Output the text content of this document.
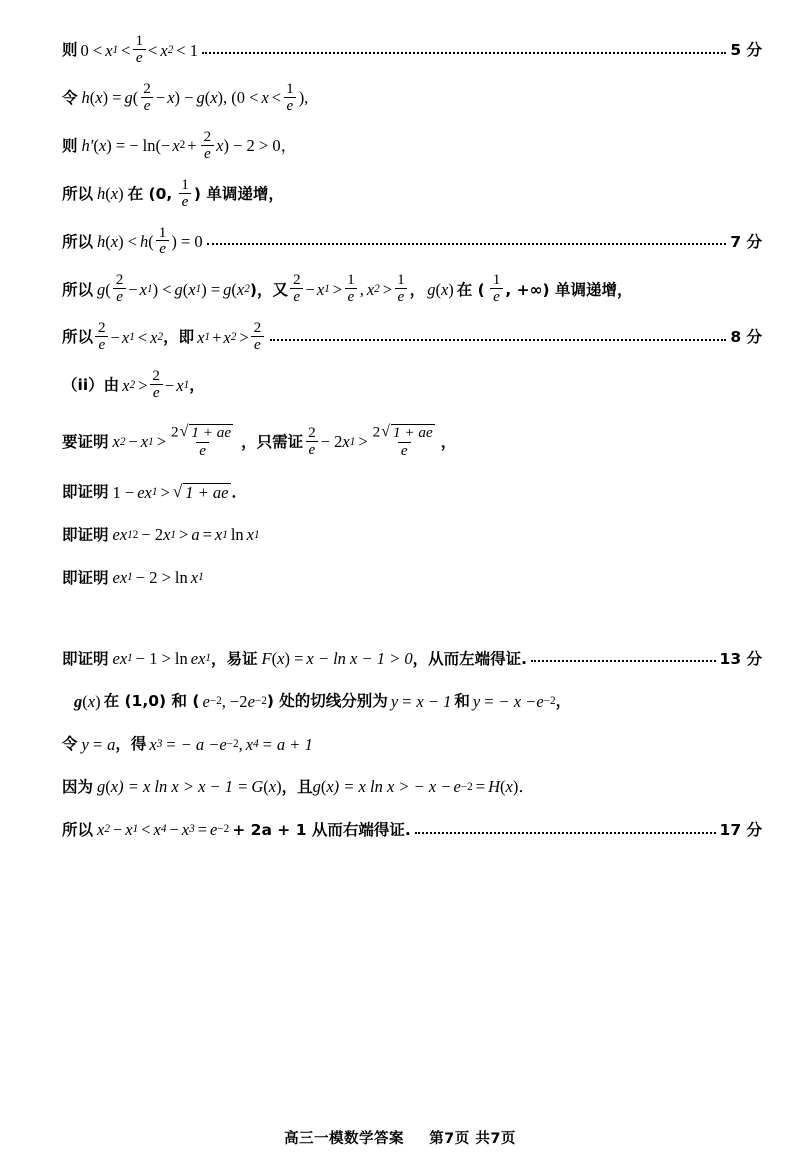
则 0 < x $1 < \frac{1}{e} < x$ 2 < 1	5 分
令 h ( x ) = g ( $\frac{2}{e} - x$ ) − g ( x ), ($0 < x < \frac{1}{e}$ ),
则 h′ ( x ) = − ln(− x $2 + \frac{2}{e}$ x ) − 2 > 0，
所以 h ( x ) 在 (0, $\frac{1}{e}$ ) 单调递增，
所以 h ( x ) < h ( $\frac{1}{e}$ ) = 0	7 分
所以 g ( $\frac{2}{e} - x$ 1 ) < g ( x 1 ) = g ( x 2 )，又 $\frac{2}{e} - x$ $1 > \frac{1}{e}$ , x $2 > \frac{1}{e}$ ， g ( x ) 在 ( $\frac{1}{e}$ , +∞) 单调递增，
所以 $\frac{2}{e} - x$ 1 < x 2 ，即 x 1 + x $2 > \frac{2}{e}$	8 分
（ii）由 x $2 > \frac{2}{e} - x$ 1 ，
要证明 x 2 − x $1 > \frac{2 √ 1 + ae}{e}$ ，只需证 $\frac{2}{e} - 2$ x $1 > \frac{2 √ 1 + ae}{e}$ ，
即证明 1 − e x 1 > √ 1 + ae ．
即证明 e x 1 2 − 2 x 1 > a = x 1 ln x 1
即证明 e x 1 − 2 > ln x 1
即证明 e x 1 − 1 > ln e x 1 ，易证 F ( x ) = x − ln x − 1 > 0 ，从而左端得证.	13 分
g ( x ) 在 (1,0) 和 ( e −2 , −2 e −2 ) 处的切线分别为 y = x − 1 和 y = − x − e −2 ，
令 y = a ，得 x 3 = − a − e −2 , x 4 = a + 1
因为 g ( x ) = x ln x > x − 1 = G ( x ) ，且 g ( x ) = x ln x > − x − e −2 = H ( x )．
所以 x 2 − x 1 < x 4 − x 3 = e −2 + 2a + 1 从而右端得证.	17 分
高三一模数学答案 第7页 共7页
